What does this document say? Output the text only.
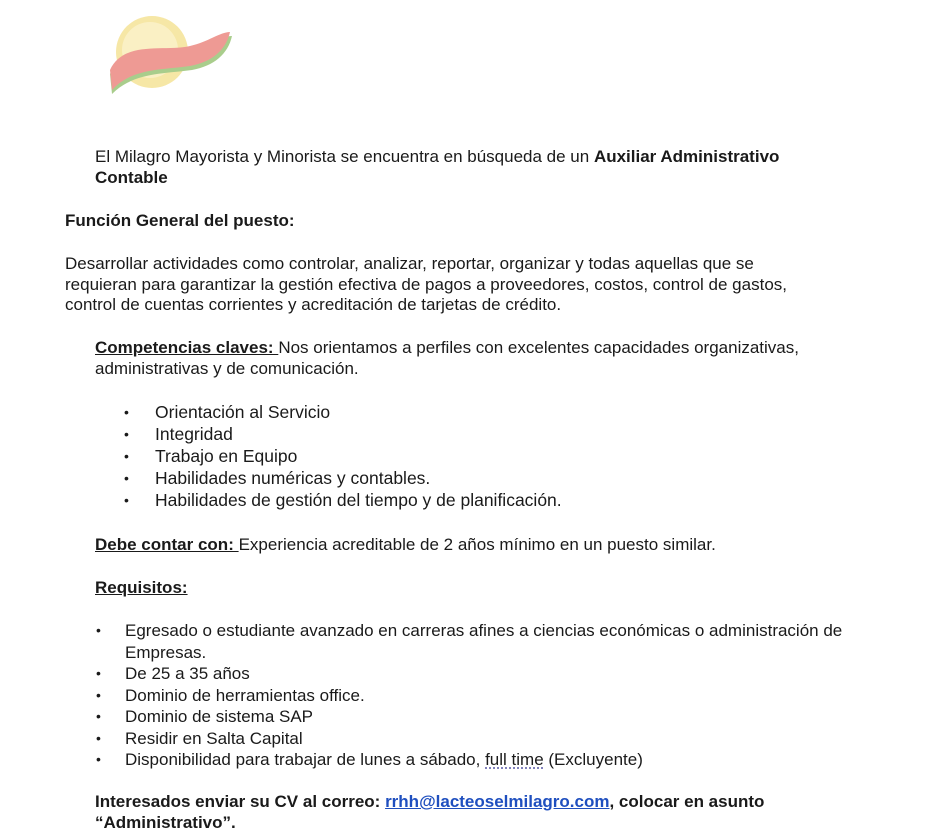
El Milagro Mayorista y Minorista se encuentra en búsqueda de un Auxiliar Administrativo Contable
Función General del puesto:
Desarrollar actividades como controlar, analizar, reportar, organizar y todas aquellas que se requieran para garantizar la gestión efectiva de pagos a proveedores, costos, control de gastos, control de cuentas corrientes y acreditación de tarjetas de crédito.
Competencias claves: Nos orientamos a perfiles con excelentes capacidades organizativas, administrativas y de comunicación.
• Orientación al Servicio
• Integridad
• Trabajo en Equipo
• Habilidades numéricas y contables.
• Habilidades de gestión del tiempo y de planificación.
Debe contar con: Experiencia acreditable de 2 años mínimo en un puesto similar.
Requisitos:
• Egresado o estudiante avanzado en carreras afines a ciencias económicas o administración de Empresas.
• De 25 a 35 años
• Dominio de herramientas office.
• Dominio de sistema SAP
• Residir en Salta Capital
• Disponibilidad para trabajar de lunes a sábado, full time (Excluyente)
Interesados enviar su CV al correo: rrhh@lacteoselmilagro.com, colocar en asunto “Administrativo”.
